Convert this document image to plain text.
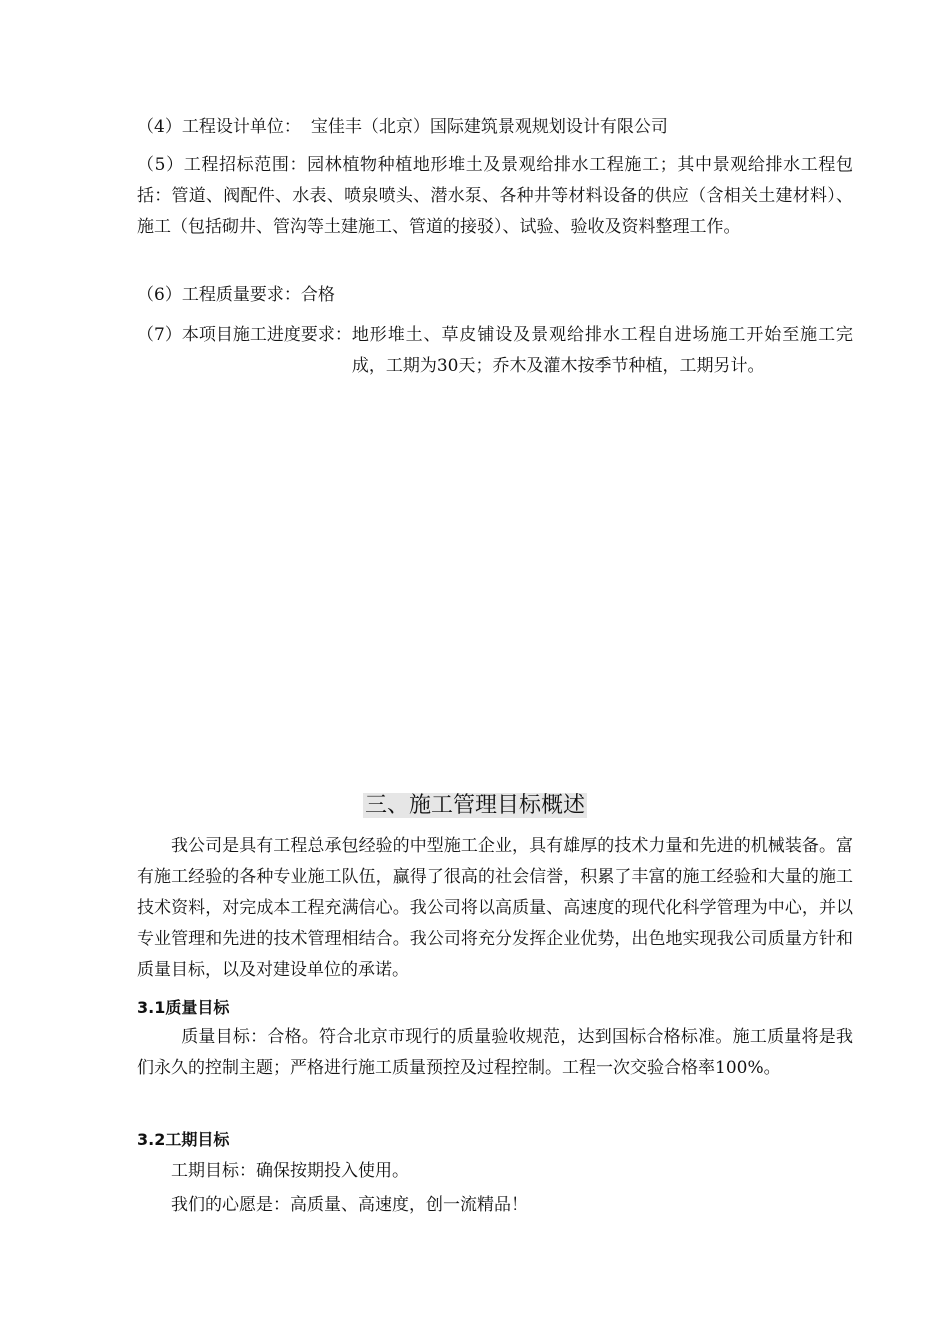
（4）工程设计单位： 宝佳丰（北京）国际建筑景观规划设计有限公司
（5）工程招标范围：园林植物种植地形堆土及景观给排水工程施工；其中景观给排水工程包括：管道、阀配件、水表、喷泉喷头、潜水泵、各种井等材料设备的供应（含相关土建材料）、施工（包括砌井、管沟等土建施工、管道的接驳）、试验、验收及资料整理工作。
（6）工程质量要求：合格
（7）本项目施工进度要求： 地形堆土、草皮铺设及景观给排水工程自进场施工开始至施工完成，工期为30天；乔木及灌木按季节种植，工期另计。
三、施工管理目标概述
我公司是具有工程总承包经验的中型施工企业，具有雄厚的技术力量和先进的机械装备。富有施工经验的各种专业施工队伍，赢得了很高的社会信誉，积累了丰富的施工经验和大量的施工技术资料，对完成本工程充满信心。我公司将以高质量、高速度的现代化科学管理为中心，并以专业管理和先进的技术管理相结合。我公司将充分发挥企业优势，出色地实现我公司质量方针和质量目标，以及对建设单位的承诺。
3.1质量目标
质量目标：合格。符合北京市现行的质量验收规范，达到国标合格标准。施工质量将是我们永久的控制主题；严格进行施工质量预控及过程控制。工程一次交验合格率100%。
3.2工期目标
工期目标：确保按期投入使用。
我们的心愿是：高质量、高速度，创一流精品！
